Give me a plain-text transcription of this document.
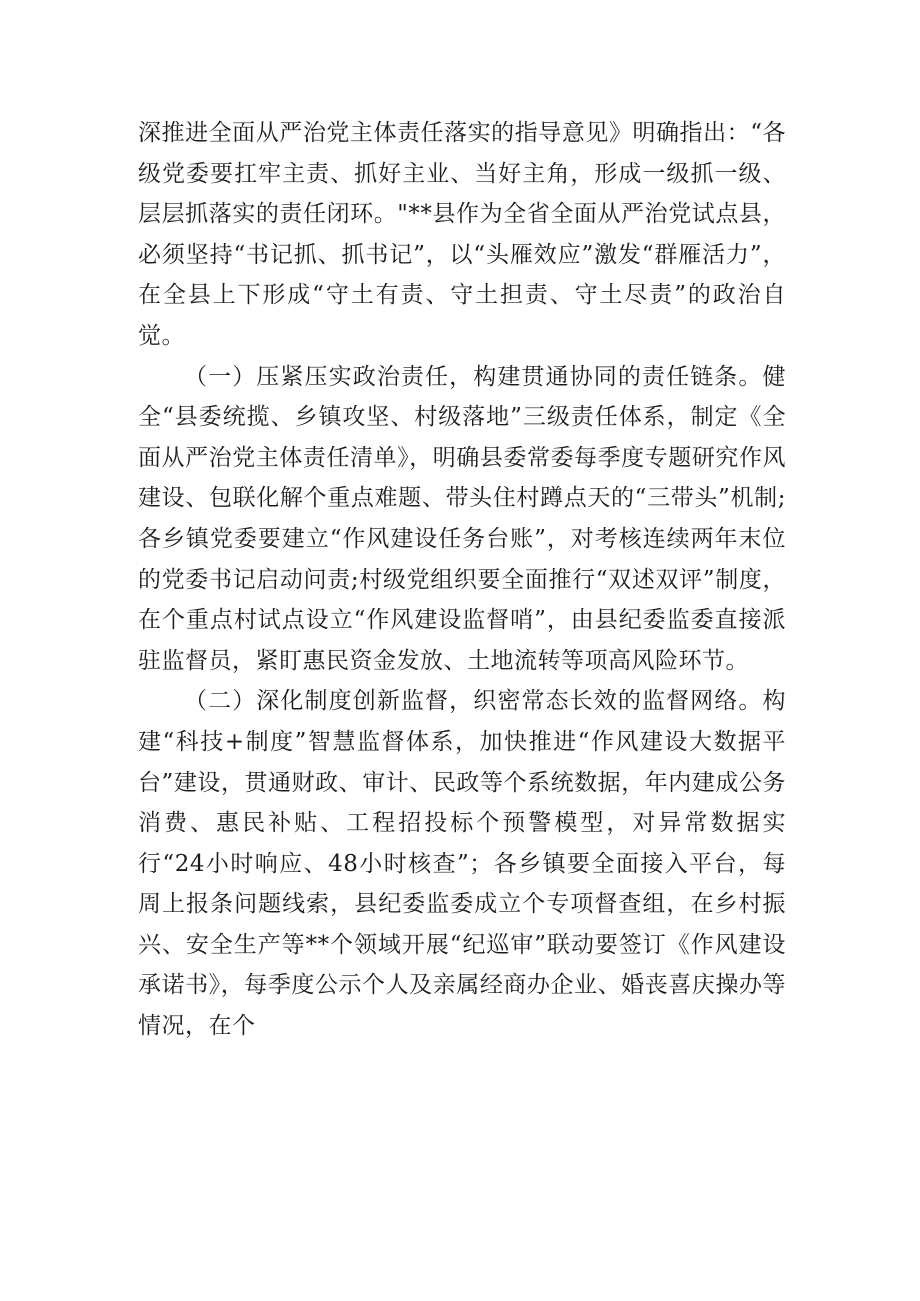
深推进全面从严治党主体责任落实的指导意见》明确指出：“各级党委要扛牢主责、抓好主业、当好主角，形成一级抓一级、层层抓落实的责任闭环。"**县作为全省全面从严治党试点县，必须坚持“书记抓、抓书记”，以“头雁效应”激发“群雁活力”，在全县上下形成“守土有责、守土担责、守土尽责”的政治自觉。

（一）压紧压实政治责任，构建贯通协同的责任链条。健全“县委统揽、乡镇攻坚、村级落地”三级责任体系，制定《全面从严治党主体责任清单》，明确县委常委每季度专题研究作风建设、包联化解个重点难题、带头住村蹲点天的“三带头”机制;各乡镇党委要建立“作风建设任务台账”，对考核连续两年末位的党委书记启动问责;村级党组织要全面推行“双述双评”制度，在个重点村试点设立“作风建设监督哨”，由县纪委监委直接派驻监督员，紧盯惠民资金发放、土地流转等项高风险环节。

（二）深化制度创新监督，织密常态长效的监督网络。构建“科技+制度”智慧监督体系，加快推进“作风建设大数据平台”建设，贯通财政、审计、民政等个系统数据，年内建成公务消费、惠民补贴、工程招投标个预警模型，对异常数据实行“24小时响应、48小时核查”；各乡镇要全面接入平台，每周上报条问题线索，县纪委监委成立个专项督查组，在乡村振兴、安全生产等**个领域开展“纪巡审”联动要签订《作风建设承诺书》，每季度公示个人及亲属经商办企业、婚丧喜庆操办等情况，在个
